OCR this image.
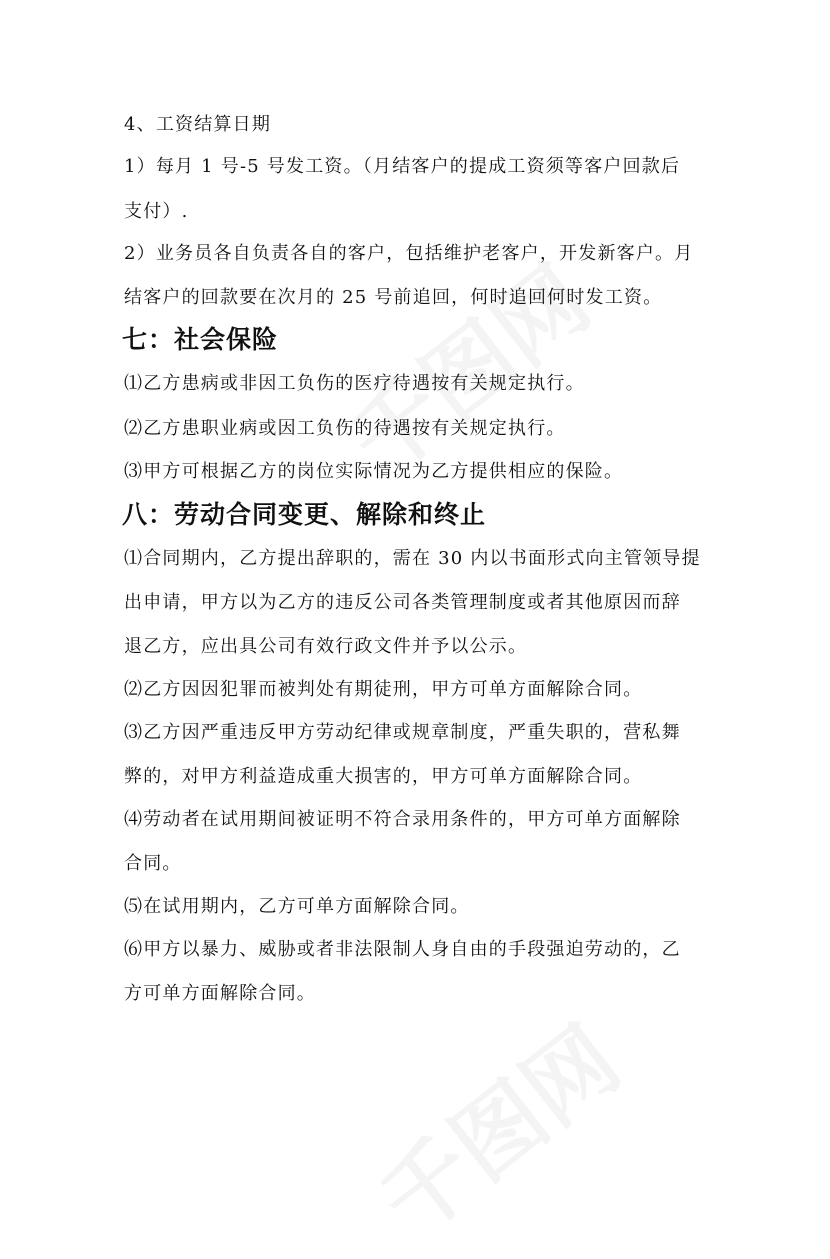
4、工资结算日期

1）每月 1 号-5 号发工资。（月结客户的提成工资须等客户回款后

支付）.

2）业务员各自负责各自的客户，包括维护老客户，开发新客户。月

结客户的回款要在次月的 25 号前追回，何时追回何时发工资。

七：社会保险

⑴乙方患病或非因工负伤的医疗待遇按有关规定执行。

⑵乙方患职业病或因工负伤的待遇按有关规定执行。

⑶甲方可根据乙方的岗位实际情况为乙方提供相应的保险。

八：劳动合同变更、解除和终止

⑴合同期内，乙方提出辞职的，需在 30 内以书面形式向主管领导提

出申请，甲方以为乙方的违反公司各类管理制度或者其他原因而辞

退乙方，应出具公司有效行政文件并予以公示。

⑵乙方因因犯罪而被判处有期徒刑，甲方可单方面解除合同。

⑶乙方因严重违反甲方劳动纪律或规章制度，严重失职的，营私舞

弊的，对甲方利益造成重大损害的，甲方可单方面解除合同。

⑷劳动者在试用期间被证明不符合录用条件的，甲方可单方面解除

合同。

⑸在试用期内，乙方可单方面解除合同。

⑹甲方以暴力、威胁或者非法限制人身自由的手段强迫劳动的，乙

方可单方面解除合同。
